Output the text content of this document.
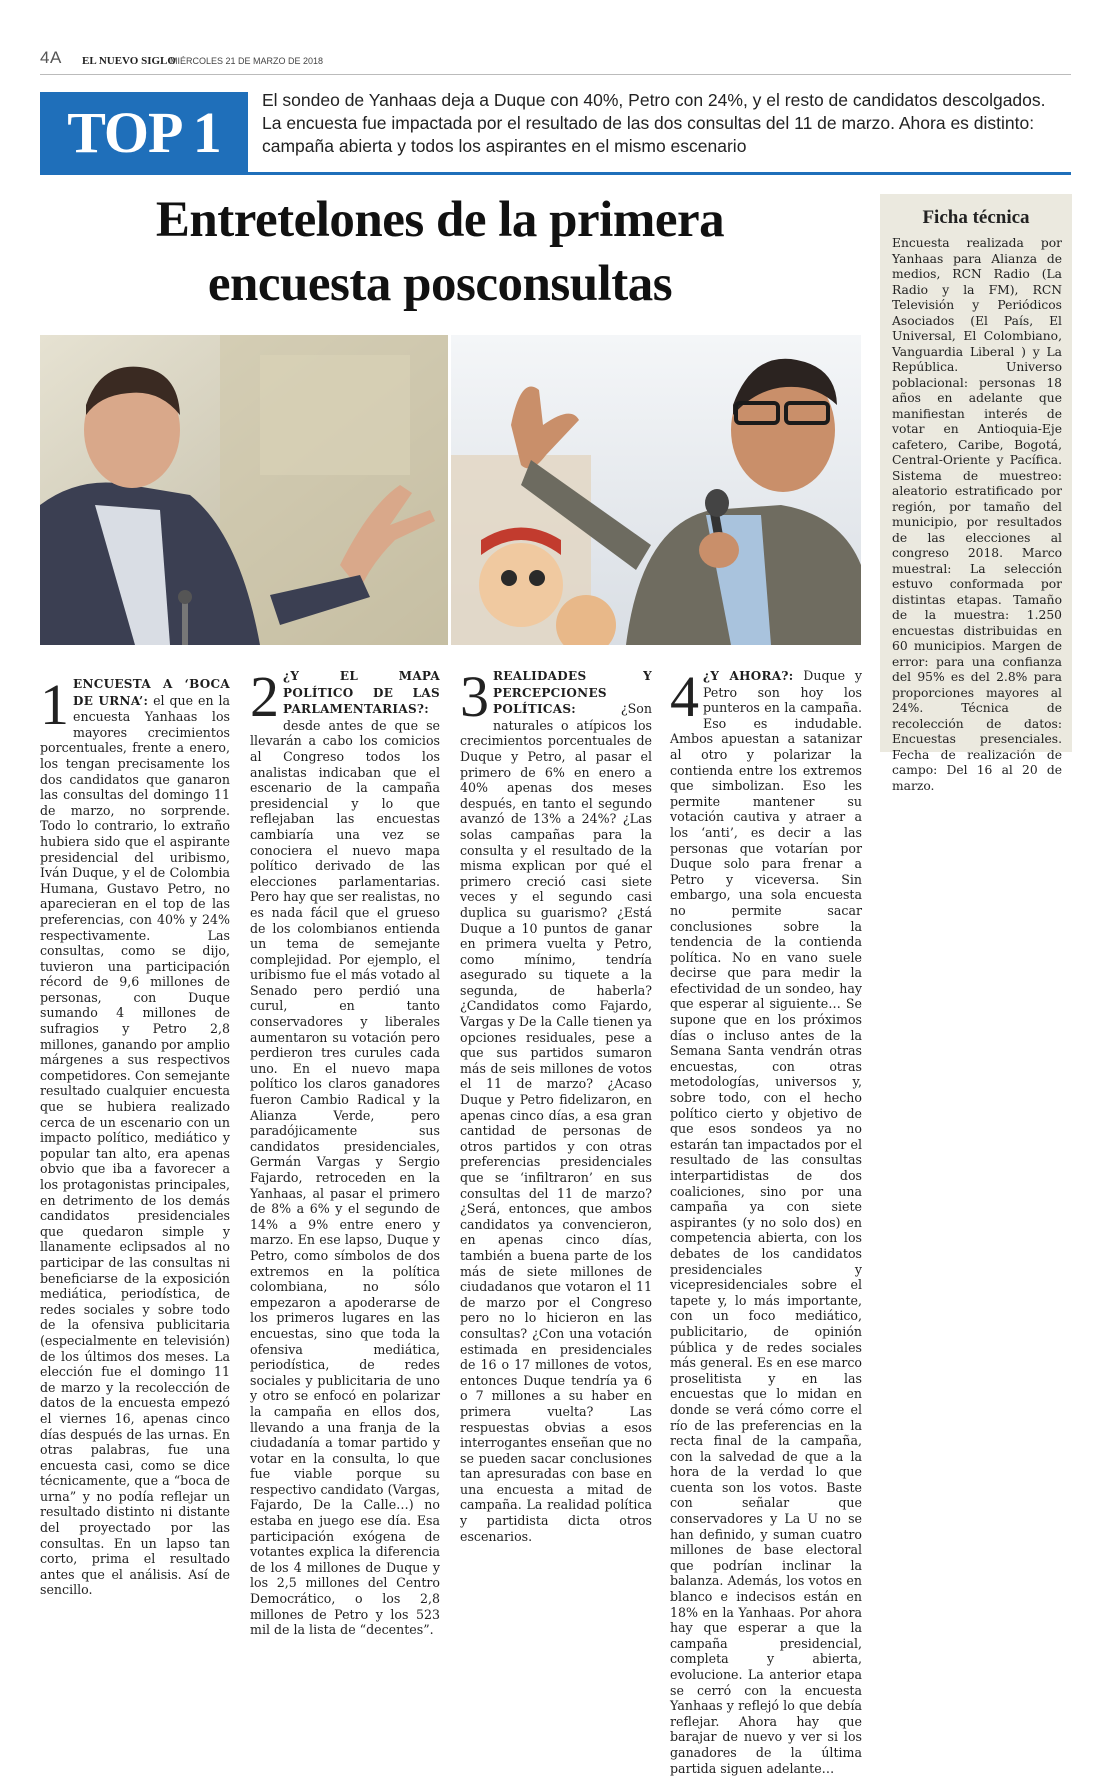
4A EL NUEVO SIGLO
MIÉRCOLES 21 DE MARZO DE 2018
TOP 1	El sondeo de Yanhaas deja a Duque con 40%, Petro con 24%, y el resto de candidatos descolgados. La encuesta fue impactada por el resultado de las dos consultas del 11 de marzo. Ahora es distinto: campaña abierta y todos los aspirantes en el mismo escenario
Entretelones de la primera
encuesta posconsultas
Ficha técnica
Encuesta realizada por Yanhaas para Alianza de medios, RCN Radio (La Radio y la FM), RCN Televisión y Periódicos Asociados (El País, El Universal, El Colombiano, Vanguardia Liberal ) y La República. Universo poblacional: personas 18 años en adelante que manifiestan interés de votar en Antioquia-Eje cafetero, Caribe, Bogotá, Central-Oriente y Pacífica. Sistema de muestreo: aleatorio estratificado por región, por tamaño del municipio, por resultados de las elecciones al congreso 2018. Marco muestral: La selección estuvo conformada por distintas etapas. Tamaño de la muestra: 1.250 encuestas distribuidas en 60 municipios. Margen de error: para una confianza del 95% es del 2.8% para proporciones mayores al 24%. Técnica de recolección de datos: Encuestas presenciales. Fecha de realización de campo: Del 16 al 20 de marzo.

1 ENCUESTA A ‘BOCA DE URNA’: el que en la encuesta Yanhaas los mayores crecimientos porcentuales, frente a enero, los tengan precisamente los dos candidatos que ganaron las consultas del domingo 11 de marzo, no sorprende. Todo lo contrario, lo extraño hubiera sido que el aspirante presidencial del uribismo, Iván Duque, y el de Colombia Humana, Gustavo Petro, no aparecieran en el top de las preferencias, con 40% y 24% respectivamente. Las consultas, como se dijo, tuvieron una participación récord de 9,6 millones de personas, con Duque sumando 4 millones de sufragios y Petro 2,8 millones, ganando por amplio márgenes a sus respectivos competidores. Con semejante resultado cualquier encuesta que se hubiera realizado cerca de un escenario con un impacto político, mediático y popular tan alto, era apenas obvio que iba a favorecer a los protagonistas principales, en detrimento de los demás candidatos presidenciales que quedaron simple y llanamente eclipsados al no participar de las consultas ni beneficiarse de la exposición mediática, periodística, de redes sociales y sobre todo de la ofensiva publicitaria (especialmente en televisión) de los últimos dos meses. La elección fue el domingo 11 de marzo y la recolección de datos de la encuesta empezó el viernes 16, apenas cinco días después de las urnas. En otras palabras, fue una encuesta casi, como se dice técnicamente, que a “boca de urna” y no podía reflejar un resultado distinto ni distante del proyectado por las consultas. En un lapso tan corto, prima el resultado antes que el análisis. Así de sencillo.

2 ¿Y EL MAPA POLÍTICO DE LAS PARLAMENTARIAS?: desde antes de que se llevarán a cabo los comicios al Congreso todos los analistas indicaban que el escenario de la campaña presidencial y lo que reflejaban las encuestas cambiaría una vez se conociera el nuevo mapa político derivado de las elecciones parlamentarias. Pero hay que ser realistas, no es nada fácil que el grueso de los colombianos entienda un tema de semejante complejidad. Por ejemplo, el uribismo fue el más votado al Senado pero perdió una curul, en tanto conservadores y liberales aumentaron su votación pero perdieron tres curules cada uno. En el nuevo mapa político los claros ganadores fueron Cambio Radical y la Alianza Verde, pero paradójicamente sus candidatos presidenciales, Germán Vargas y Sergio Fajardo, retroceden en la Yanhaas, al pasar el primero de 8% a 6% y el segundo de 14% a 9% entre enero y marzo. En ese lapso, Duque y Petro, como símbolos de dos extremos en la política colombiana, no sólo empezaron a apoderarse de los primeros lugares en las encuestas, sino que toda la ofensiva mediática, periodística, de redes sociales y publicitaria de uno y otro se enfocó en polarizar la campaña en ellos dos, llevando a una franja de la ciudadanía a tomar partido y votar en la consulta, lo que fue viable porque su respectivo candidato (Vargas, Fajardo, De la Calle…) no estaba en juego ese día. Esa participación exógena de votantes explica la diferencia de los 4 millones de Duque y los 2,5 millones del Centro Democrático, o los 2,8 millones de Petro y los 523 mil de la lista de “decentes”.

3 REALIDADES Y PERCEPCIONES POLÍTICAS: ¿Son naturales o atípicos los crecimientos porcentuales de Duque y Petro, al pasar el primero de 6% en enero a 40% apenas dos meses después, en tanto el segundo avanzó de 13% a 24%? ¿Las solas campañas para la consulta y el resultado de la misma explican por qué el primero creció casi siete veces y el segundo casi duplica su guarismo? ¿Está Duque a 10 puntos de ganar en primera vuelta y Petro, como mínimo, tendría asegurado su tiquete a la segunda, de haberla? ¿Candidatos como Fajardo, Vargas y De la Calle tienen ya opciones residuales, pese a que sus partidos sumaron más de seis millones de votos el 11 de marzo? ¿Acaso Duque y Petro fidelizaron, en apenas cinco días, a esa gran cantidad de personas de otros partidos y con otras preferencias presidenciales que se ‘infiltraron’ en sus consultas del 11 de marzo? ¿Será, entonces, que ambos candidatos ya convencieron, en apenas cinco días, también a buena parte de los más de siete millones de ciudadanos que votaron el 11 de marzo por el Congreso pero no lo hicieron en las consultas? ¿Con una votación estimada en presidenciales de 16 o 17 millones de votos, entonces Duque tendría ya 6 o 7 millones a su haber en primera vuelta? Las respuestas obvias a esos interrogantes enseñan que no se pueden sacar conclusiones tan apresuradas con base en una encuesta a mitad de campaña. La realidad política y partidista dicta otros escenarios.

4 ¿Y AHORA?: Duque y Petro son hoy los punteros en la campaña. Eso es indudable. Ambos apuestan a satanizar al otro y polarizar la contienda entre los extremos que simbolizan. Eso les permite mantener su votación cautiva y atraer a los ‘anti’, es decir a las personas que votarían por Duque solo para frenar a Petro y viceversa. Sin embargo, una sola encuesta no permite sacar conclusiones sobre la tendencia de la contienda política. No en vano suele decirse que para medir la efectividad de un sondeo, hay que esperar al siguiente… Se supone que en los próximos días o incluso antes de la Semana Santa vendrán otras encuestas, con otras metodologías, universos y, sobre todo, con el hecho político cierto y objetivo de que esos sondeos ya no estarán tan impactados por el resultado de las consultas interpartidistas de dos coaliciones, sino por una campaña ya con siete aspirantes (y no solo dos) en competencia abierta, con los debates de los candidatos presidenciales y vicepresidenciales sobre el tapete y, lo más importante, con un foco mediático, publicitario, de opinión pública y de redes sociales más general. Es en ese marco proselitista y en las encuestas que lo midan en donde se verá cómo corre el río de las preferencias en la recta final de la campaña, con la salvedad de que a la hora de la verdad lo que cuenta son los votos. Baste con señalar que conservadores y La U no se han definido, y suman cuatro millones de base electoral que podrían inclinar la balanza. Además, los votos en blanco e indecisos están en 18% en la Yanhaas. Por ahora hay que esperar a que la campaña presidencial, completa y abierta, evolucione. La anterior etapa se cerró con la encuesta Yanhaas y reflejó lo que debía reflejar. Ahora hay que barajar de nuevo y ver si los ganadores de la última partida siguen adelante…
